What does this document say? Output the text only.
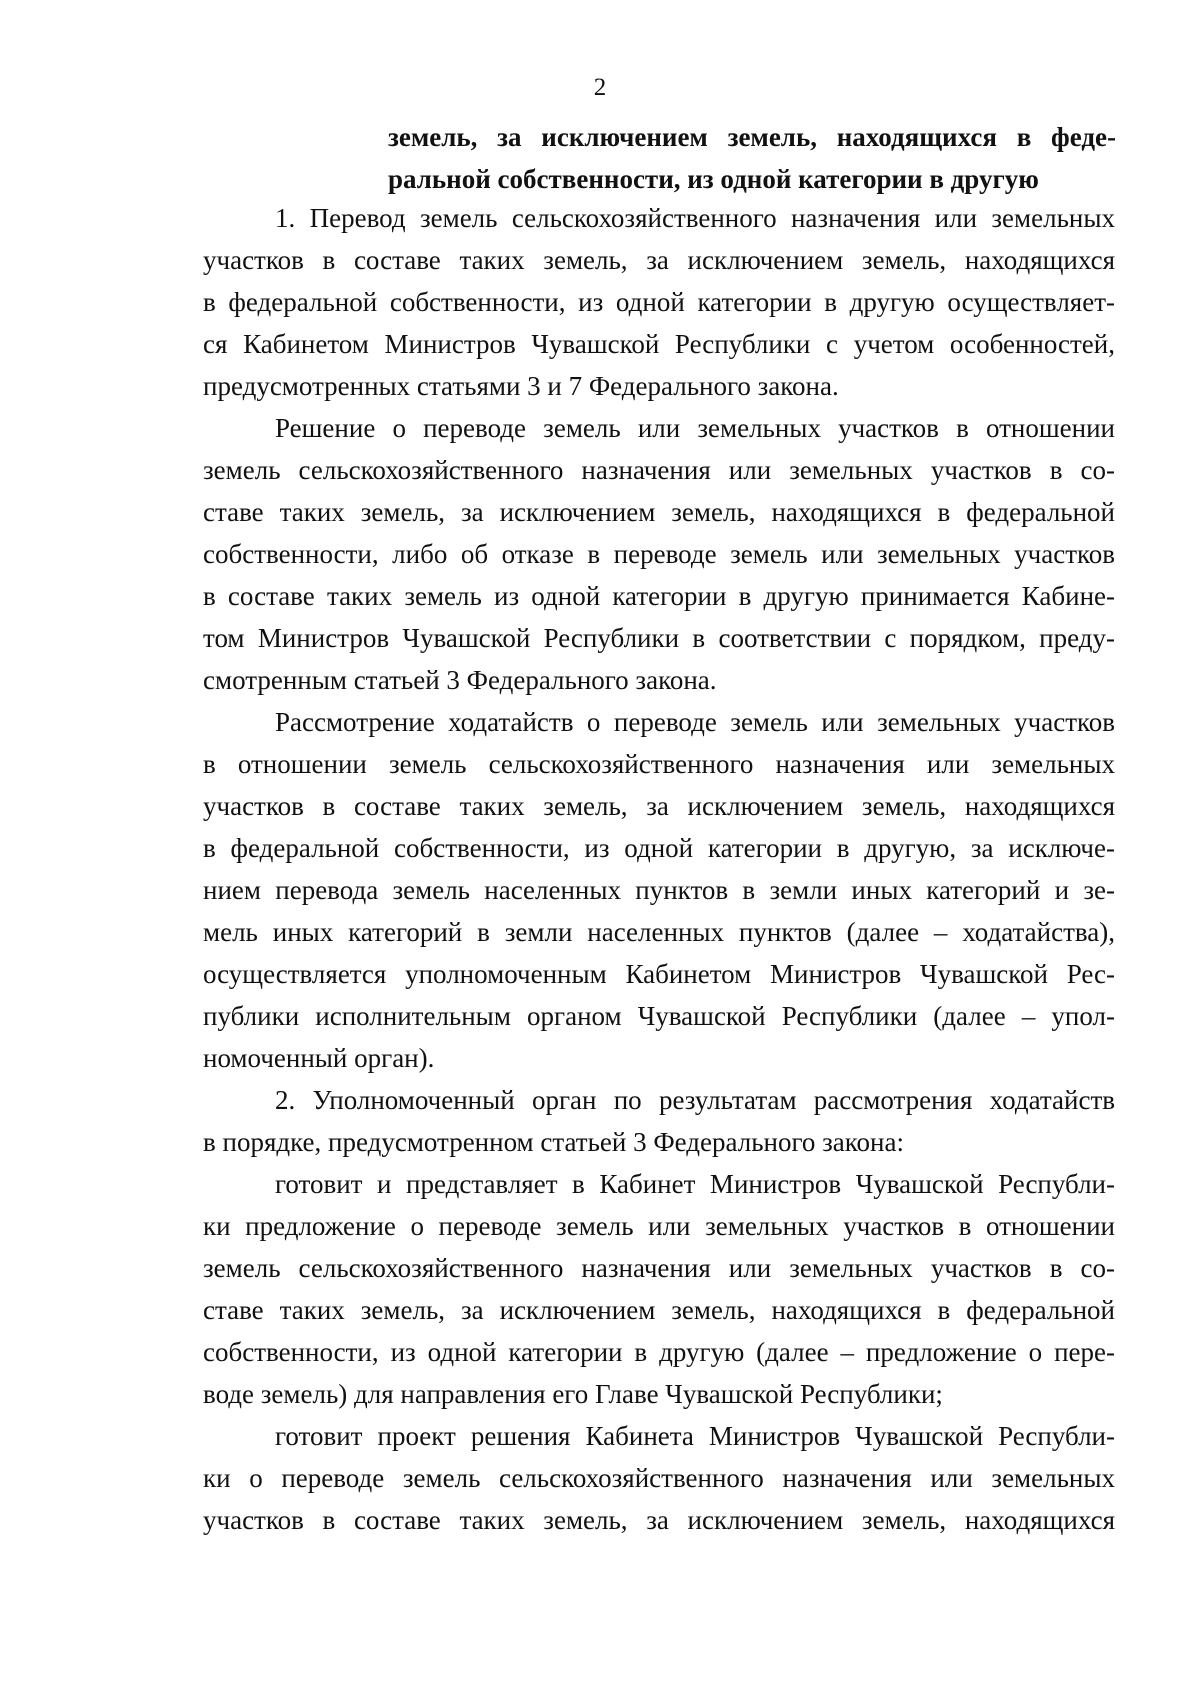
2
земель, за исключением земель, находящихся в феде-
ральной собственности, из одной категории в другую
1. Перевод земель сельскохозяйственного назначения или земельных
участков в составе таких земель, за исключением земель, находящихся
в федеральной собственности, из одной категории в другую осуществляет-
ся Кабинетом Министров Чувашской Республики с учетом особенностей,
предусмотренных статьями 3 и 7 Федерального закона.
Решение о переводе земель или земельных участков в отношении
земель сельскохозяйственного назначения или земельных участков в со-
ставе таких земель, за исключением земель, находящихся в федеральной
собственности, либо об отказе в переводе земель или земельных участков
в составе таких земель из одной категории в другую принимается Кабине-
том Министров Чувашской Республики в соответствии с порядком, преду-
смотренным статьей 3 Федерального закона.
Рассмотрение ходатайств о переводе земель или земельных участков
в отношении земель сельскохозяйственного назначения или земельных
участков в составе таких земель, за исключением земель, находящихся
в федеральной собственности, из одной категории в другую, за исключе-
нием перевода земель населенных пунктов в земли иных категорий и зе-
мель иных категорий в земли населенных пунктов (далее – ходатайства),
осуществляется уполномоченным Кабинетом Министров Чувашской Рес-
публики исполнительным органом Чувашской Республики (далее – упол-
номоченный орган).
2. Уполномоченный орган по результатам рассмотрения ходатайств
в порядке, предусмотренном статьей 3 Федерального закона:
готовит и представляет в Кабинет Министров Чувашской Республи-
ки предложение о переводе земель или земельных участков в отношении
земель сельскохозяйственного назначения или земельных участков в со-
ставе таких земель, за исключением земель, находящихся в федеральной
собственности, из одной категории в другую (далее – предложение о пере-
воде земель) для направления его Главе Чувашской Республики;
готовит проект решения Кабинета Министров Чувашской Республи-
ки о переводе земель сельскохозяйственного назначения или земельных
участков в составе таких земель, за исключением земель, находящихся
